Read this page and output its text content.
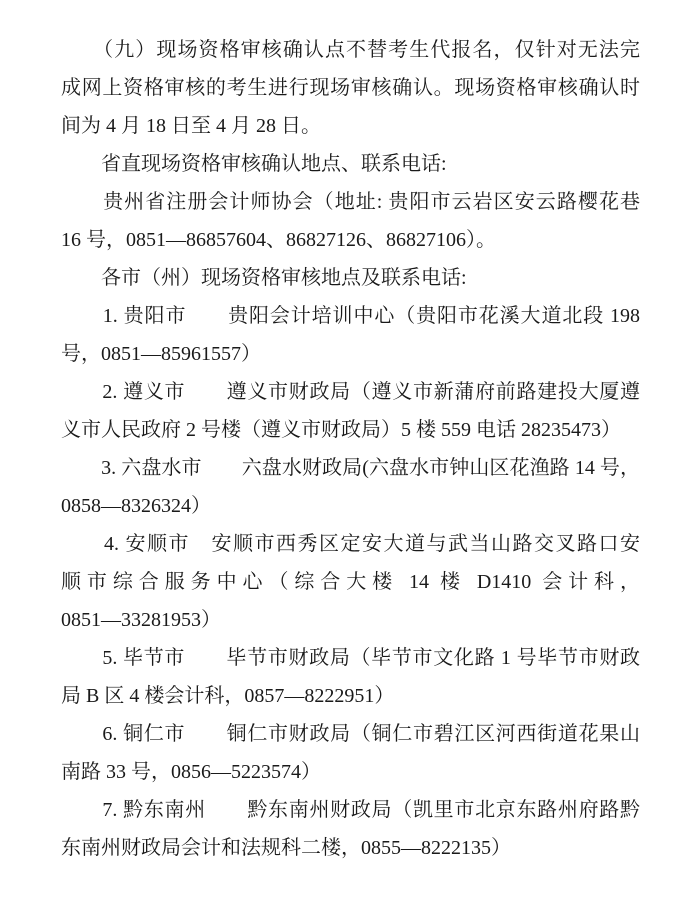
　　（九）现场资格审核确认点不替考生代报名，仅针对无法完
成网上资格审核的考生进行现场审核确认。现场资格审核确认时
间为 4 月 18 日至 4 月 28 日。
　　省直现场资格审核确认地点、联系电话:
　　贵州省注册会计师协会（地址: 贵阳市云岩区安云路樱花巷
16 号，0851—86857604、86827126、86827106）。
　　各市（州）现场资格审核地点及联系电话:
　　1. 贵阳市　　贵阳会计培训中心（贵阳市花溪大道北段 198
号，0851—85961557）
　　2. 遵义市　　遵义市财政局（遵义市新蒲府前路建投大厦遵
义市人民政府 2 号楼（遵义市财政局）5 楼 559 电话 28235473）
　　3. 六盘水市　　六盘水财政局(六盘水市钟山区花渔路 14 号，
0858—8326324）
　　4. 安顺市　安顺市西秀区定安大道与武当山路交叉路口安
顺市综合服务中心（综合大楼 14 楼 D1410 会计科，
0851—33281953）
　　5. 毕节市　　毕节市财政局（毕节市文化路 1 号毕节市财政
局 B 区 4 楼会计科，0857—8222951）
　　6. 铜仁市　　铜仁市财政局（铜仁市碧江区河西街道花果山
南路 33 号，0856—5223574）
　　7. 黔东南州　　黔东南州财政局（凯里市北京东路州府路黔
东南州财政局会计和法规科二楼，0855—8222135）
